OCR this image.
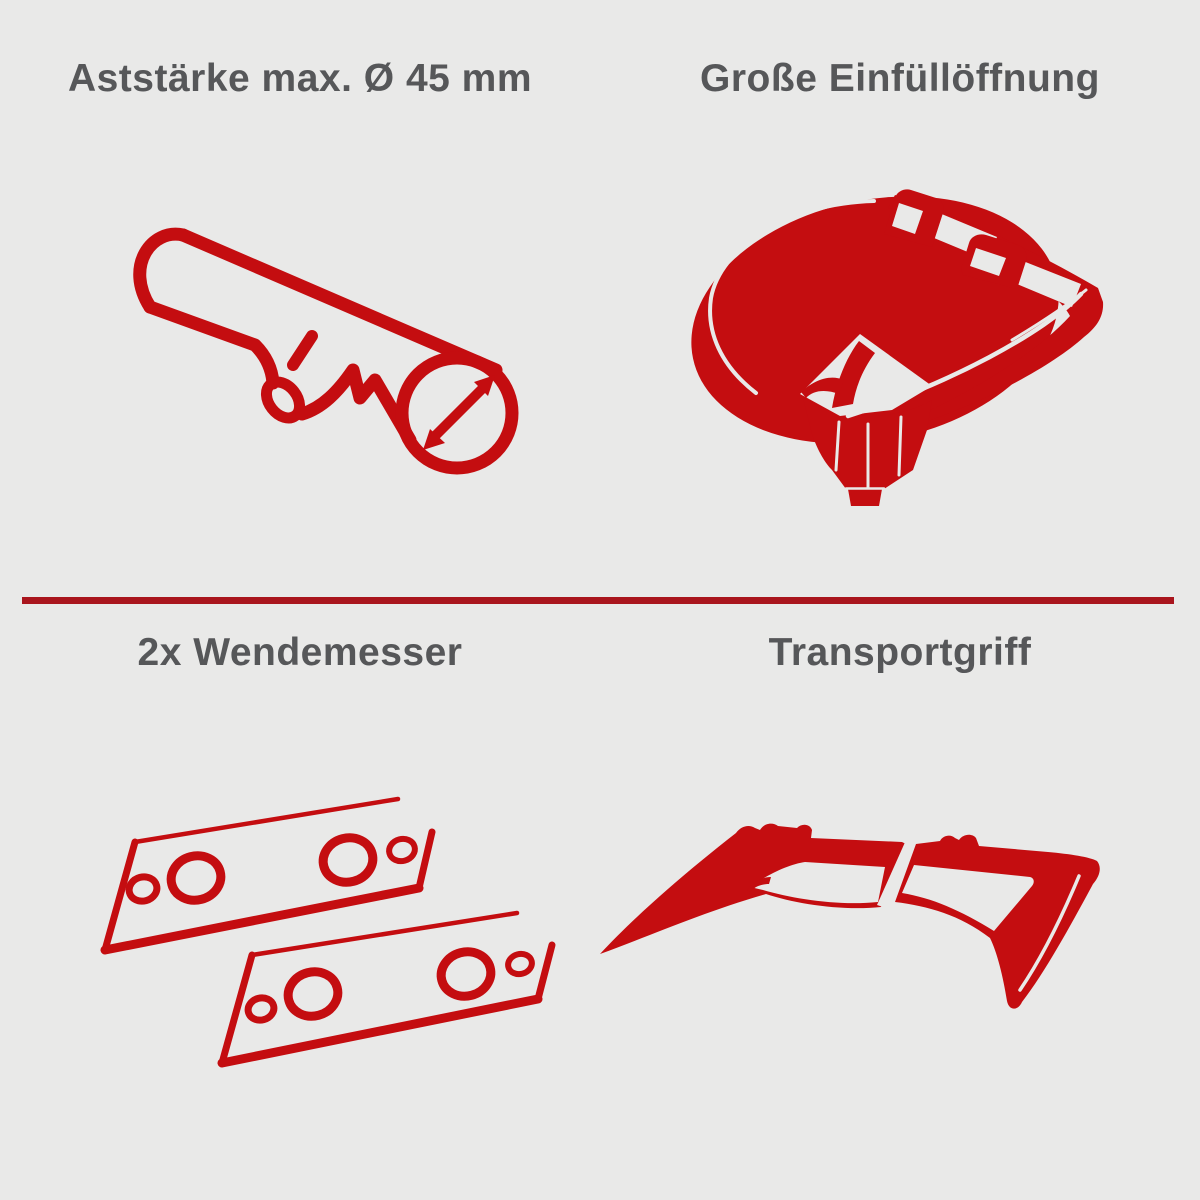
Aststärke max. Ø 45 mm	Große Einfüllöffnung
2x Wendemesser	Transportgriff
